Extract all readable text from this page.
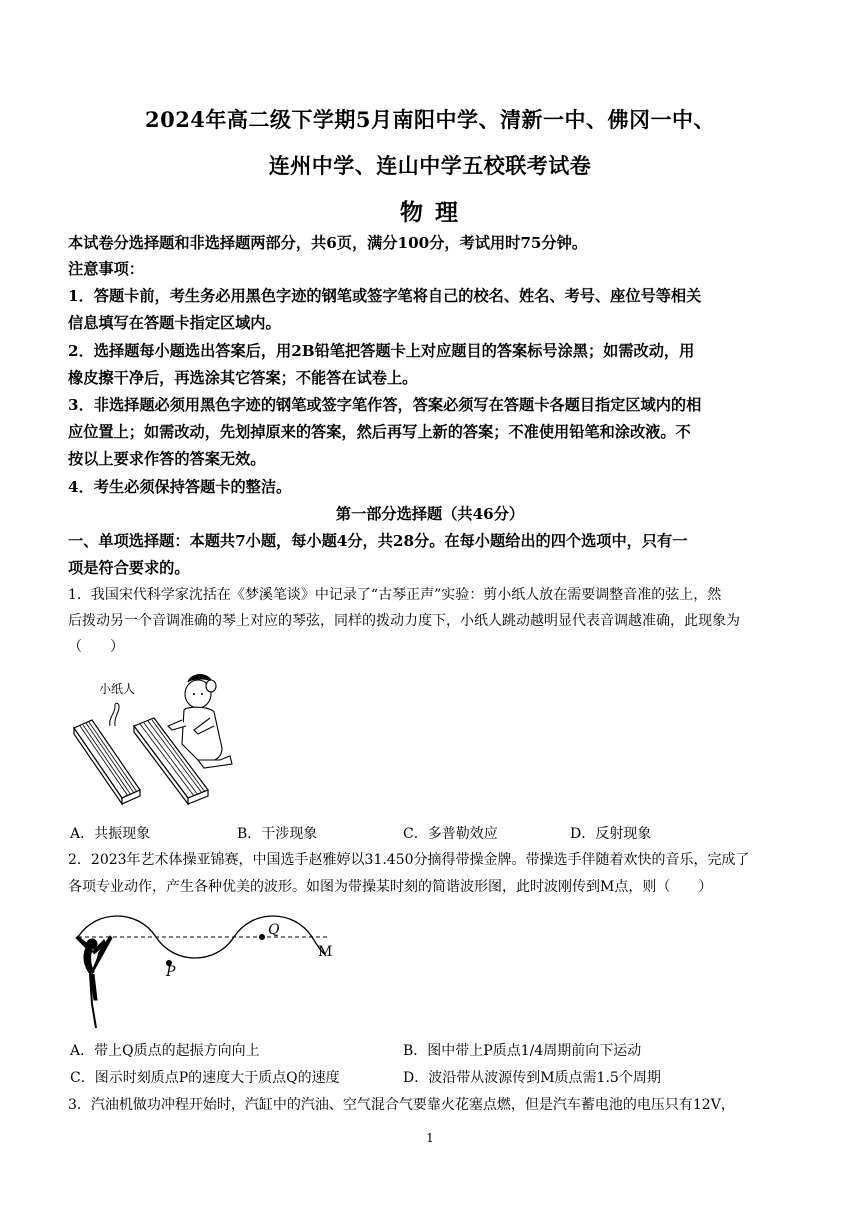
2024年高二级下学期5月南阳中学、清新一中、佛冈一中、
连州中学、连山中学五校联考试卷
物 理
本试卷分选择题和非选择题两部分，共6页，满分100分，考试用时75分钟。
注意事项：
1．答题卡前，考生务必用黑色字迹的钢笔或签字笔将自己的校名、姓名、考号、座位号等相关
信息填写在答题卡指定区域内。
2．选择题每小题选出答案后，用2B铅笔把答题卡上对应题目的答案标号涂黑；如需改动，用
橡皮擦干净后，再选涂其它答案；不能答在试卷上。
3．非选择题必须用黑色字迹的钢笔或签字笔作答，答案必须写在答题卡各题目指定区域内的相
应位置上；如需改动，先划掉原来的答案，然后再写上新的答案；不准使用铅笔和涂改液。不
按以上要求作答的答案无效。
4．考生必须保持答题卡的整洁。
第一部分选择题（共46分）
一、单项选择题：本题共7小题，每小题4分，共28分。在每小题给出的四个选项中，只有一
项是符合要求的。
1．我国宋代科学家沈括在《梦溪笔谈》中记录了“古琴正声”实验：剪小纸人放在需要调整音准的弦上，然
后拨动另一个音调准确的琴上对应的琴弦，同样的拨动力度下，小纸人跳动越明显代表音调越准确，此现象为
（　　）
小纸人
A．共振现象	B．干涉现象	C．多普勒效应	D．反射现象
2．2023年艺术体操亚锦赛，中国选手赵雅婷以31.450分摘得带操金牌。带操选手伴随着欢快的音乐，完成了
各项专业动作，产生各种优美的波形。如图为带操某时刻的简谐波形图，此时波刚传到M点，则（　　）
Q
P
M
A．带上Q质点的起振方向向上	B．图中带上P质点1/4周期前向下运动
C．图示时刻质点P的速度大于质点Q的速度	D．波沿带从波源传到M质点需1.5个周期
3．汽油机做功冲程开始时，汽缸中的汽油、空气混合气要靠火花塞点燃，但是汽车蓄电池的电压只有12V，
1
